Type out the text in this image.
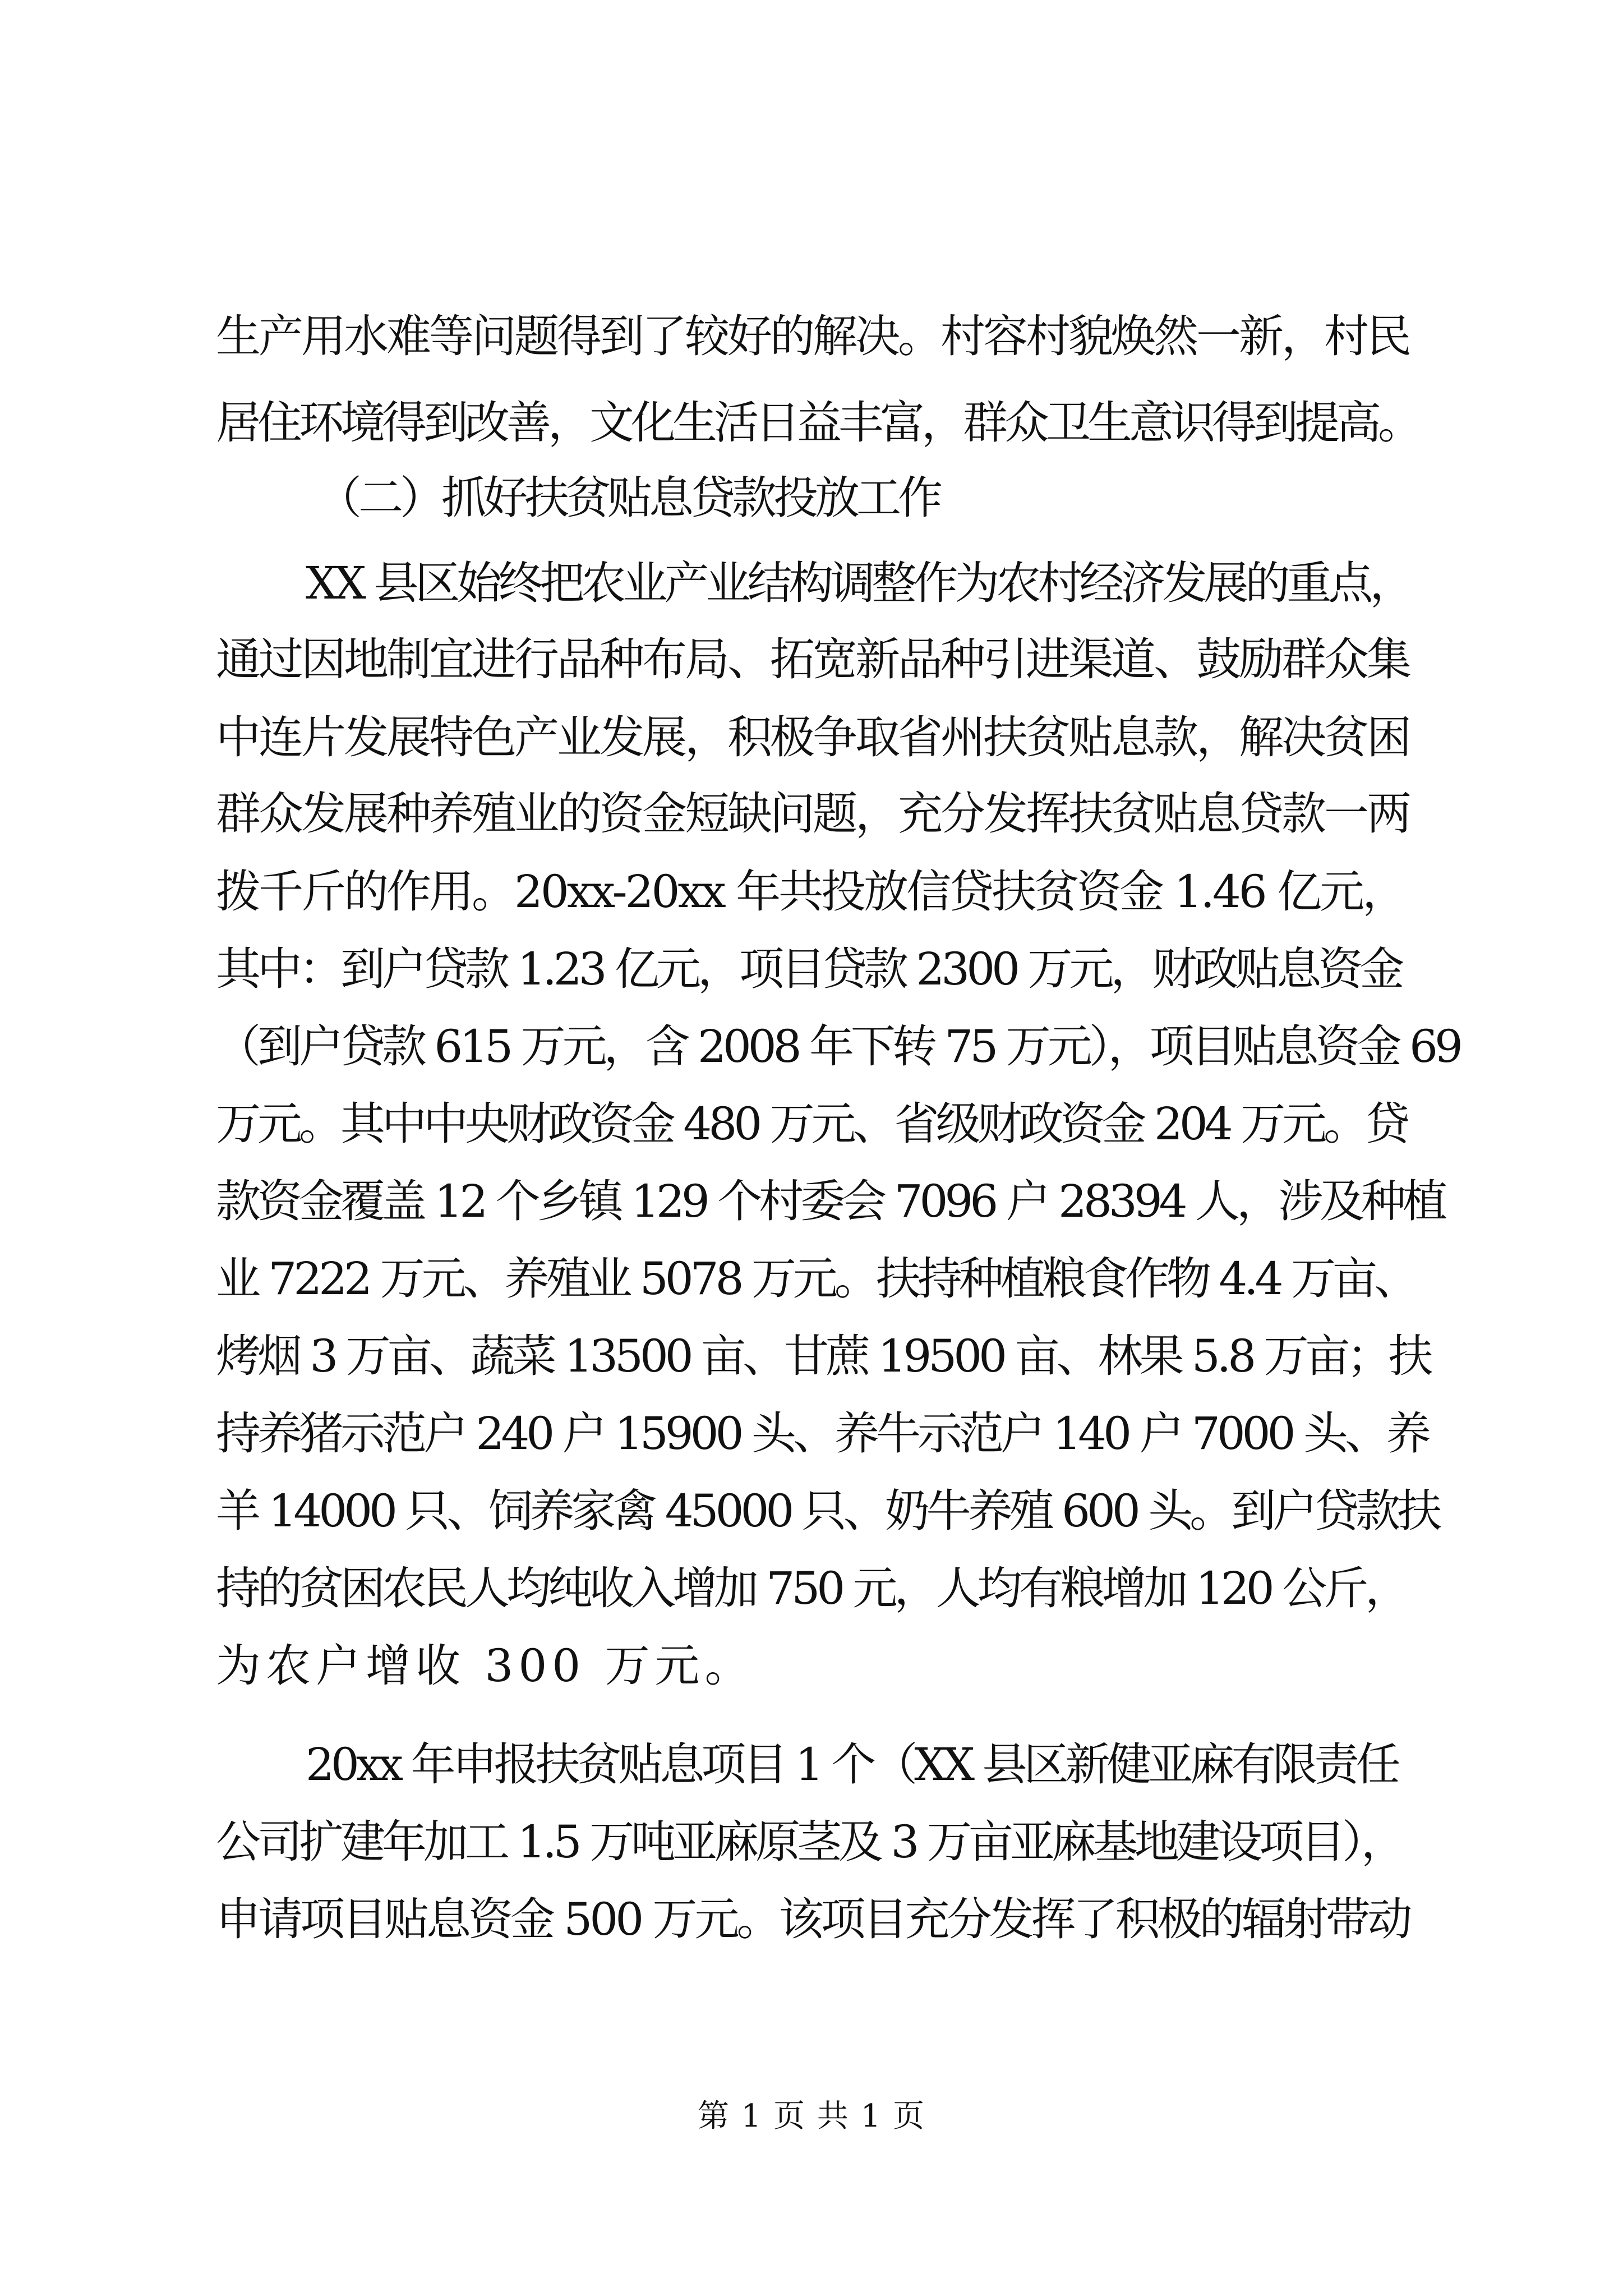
生产用水难等问题得到了较好的解决。村容村貌焕然一新，村民
居住环境得到改善，文化生活日益丰富，群众卫生意识得到提高。
（二）抓好扶贫贴息贷款投放工作
XX 县区始终把农业产业结构调整作为农村经济发展的重点，
通过因地制宜进行品种布局、拓宽新品种引进渠道、鼓励群众集
中连片发展特色产业发展，积极争取省州扶贫贴息款，解决贫困
群众发展种养殖业的资金短缺问题，充分发挥扶贫贴息贷款一两
拨千斤的作用。20xx-20xx 年共投放信贷扶贫资金 1.46 亿元，
其中：到户贷款 1.23 亿元，项目贷款 2300 万元，财政贴息资金
（到户贷款 615 万元，含 2008 年下转 75 万元），项目贴息资金 69
万元。其中中央财政资金 480 万元、省级财政资金 204 万元。贷
款资金覆盖 12 个乡镇 129 个村委会 7096 户 28394 人，涉及种植
业 7222 万元、养殖业 5078 万元。扶持种植粮食作物 4.4 万亩、
烤烟 3 万亩、蔬菜 13500 亩、甘蔗 19500 亩、林果 5.8 万亩；扶
持养猪示范户 240 户 15900 头、养牛示范户 140 户 7000 头、养
羊 14000 只、饲养家禽 45000 只、奶牛养殖 600 头。到户贷款扶
持的贫困农民人均纯收入增加 750 元，人均有粮增加 120 公斤，
为农户增收 300 万元。
20xx 年申报扶贫贴息项目 1 个（XX 县区新健亚麻有限责任
公司扩建年加工 1.5 万吨亚麻原茎及 3 万亩亚麻基地建设项目），
申请项目贴息资金 500 万元。该项目充分发挥了积极的辐射带动
第 1 页 共 1 页
